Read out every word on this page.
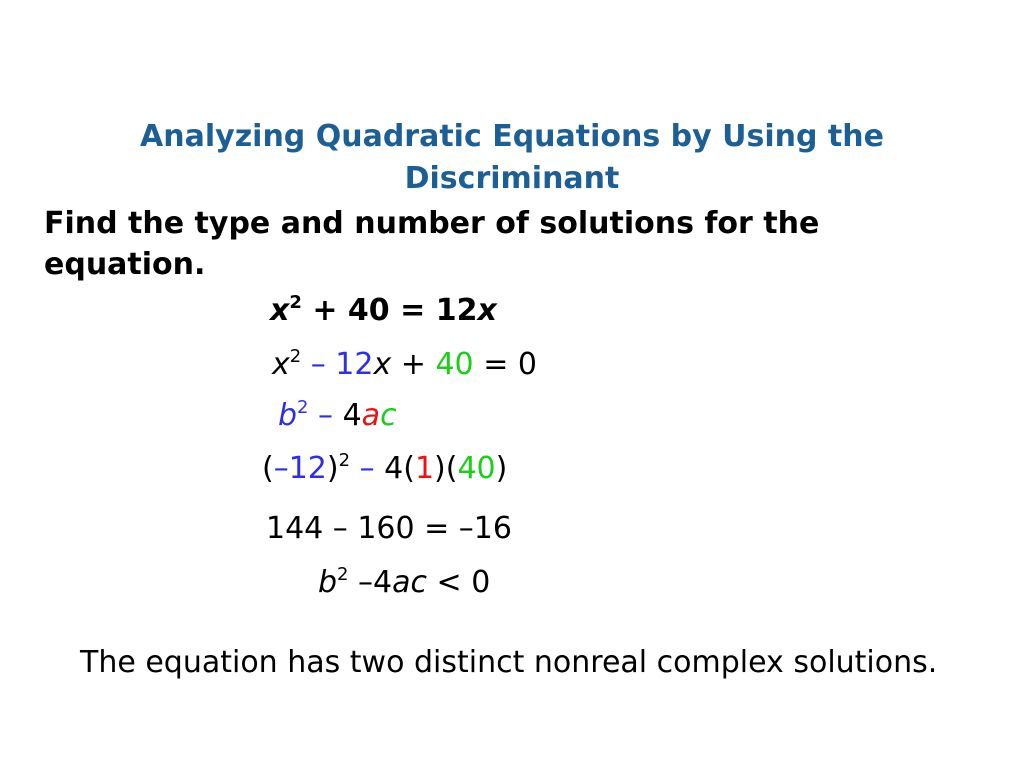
Analyzing Quadratic Equations by Using the Discriminant
Find the type and number of solutions for the equation.
$x^2 + 40 = 12x$
$x^2 - 12x + 40 = 0$
$b^2 - 4ac$
$(-12)^2 - 4(1)(40)$
144 – 160 = –16
$b^2$ –4ac < 0
The equation has two distinct nonreal complex solutions.
